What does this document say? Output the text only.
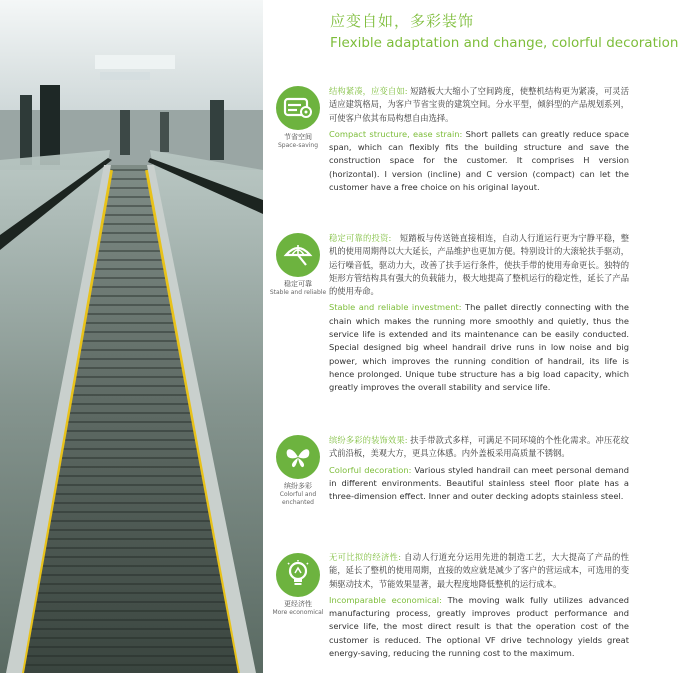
应变自如，多彩装饰
Flexible adaptation and change, colorful decoration
节省空间
Space-saving
结构紧凑，应变自如: 短踏板大大缩小了空间跨度，使整机结构更为紧凑，可灵活适应建筑格局，为客户节省宝贵的建筑空间。分水平型，倾斜型的产品规划系列，可使客户依其布局构想自由选择。
Compact structure, ease strain: Short pallets can greatly reduce space span, which can flexibly fits the building structure and save the construction space for the customer. It comprises H version (horizontal). I version (incline) and C version (compact) can let the customer have a free choice on his original layout.
稳定可靠
Stable and reliable
稳定可靠的投资:　短踏板与传送链直接相连，自动人行道运行更为宁静平稳，整机的使用周期得以大大延长，产品维护也更加方便。特别设计的大滚轮扶手驱动，运行噪音低，驱动力大，改善了扶手运行条件，使扶手带的使用寿命更长。独特的矩形方管结构具有强大的负载能力，极大地提高了整机运行的稳定性，延长了产品的使用寿命。
Stable and reliable investment: The pallet directly connecting with the chain which makes the running more smoothly and quietly, thus the service life is extended and its maintenance can be easily conducted. Special designed big wheel handrail drive runs in low noise and big power, which improves the running condition of handrail, its life is hence prolonged. Unique tube structure has a big load capacity, which greatly improves the overall stability and service life.
缤纷多彩
Colorful and enchanted
缤纷多彩的装饰效果: 扶手带款式多样，可满足不同环境的个性化需求。冲压花纹式前沿板，美观大方，更具立体感。内外盖板采用高质量不锈钢。
Colorful decoration: Various styled handrail can meet personal demand in different environments. Beautiful stainless steel floor plate has a three-dimension effect. Inner and outer decking adopts stainless steel.
更经济性
More economical
无可比拟的经济性: 自动人行道充分运用先进的制造工艺，大大提高了产品的性能，延长了整机的使用周期，直接的效应就是减少了客户的营运成本，可选用的变频驱动技术，节能效果显著，最大程度地降低整机的运行成本。
Incomparable economical: The moving walk fully utilizes advanced manufacturing process, greatly improves product performance and service life, the most direct result is that the operation cost of the customer is reduced. The optional VF drive technology yields great energy-saving, reducing the running cost to the maximum.
